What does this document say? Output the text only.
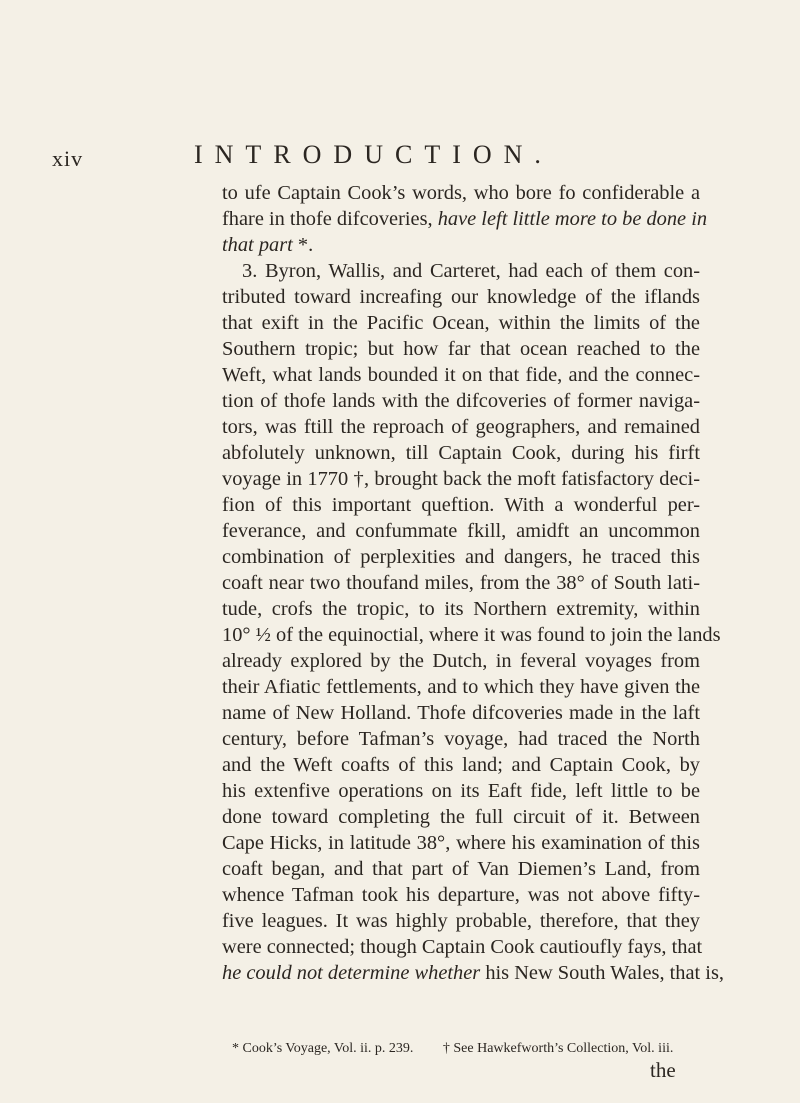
xiv	INTRODUCTION.
to ufe Captain Cook’s words, who bore fo confiderable a
fhare in thofe difcoveries, have left little more to be done in
that part *.
3. Byron, Wallis, and Carteret, had each of them con-
tributed toward increafing our knowledge of the iflands
that exift in the Pacific Ocean, within the limits of the
Southern tropic; but how far that ocean reached to the
Weft, what lands bounded it on that fide, and the connec-
tion of thofe lands with the difcoveries of former naviga-
tors, was ftill the reproach of geographers, and remained
abfolutely unknown, till Captain Cook, during his firft
voyage in 1770 †, brought back the moft fatisfactory deci-
fion of this important queftion. With a wonderful per-
feverance, and confummate fkill, amidft an uncommon
combination of perplexities and dangers, he traced this
coaft near two thoufand miles, from the 38° of South lati-
tude, crofs the tropic, to its Northern extremity, within
10° ½ of the equinoctial, where it was found to join the lands
already explored by the Dutch, in feveral voyages from
their Afiatic fettlements, and to which they have given the
name of New Holland. Thofe difcoveries made in the laft
century, before Tafman’s voyage, had traced the North
and the Weft coafts of this land; and Captain Cook, by
his extenfive operations on its Eaft fide, left little to be
done toward completing the full circuit of it. Between
Cape Hicks, in latitude 38°, where his examination of this
coaft began, and that part of Van Diemen’s Land, from
whence Tafman took his departure, was not above fifty-
five leagues. It was highly probable, therefore, that they
were connected; though Captain Cook cautioufly fays, that
he could not determine whether his New South Wales, that is,
* Cook’s Voyage, Vol. ii. p. 239. † See Hawkefworth’s Collection, Vol. iii.
the
